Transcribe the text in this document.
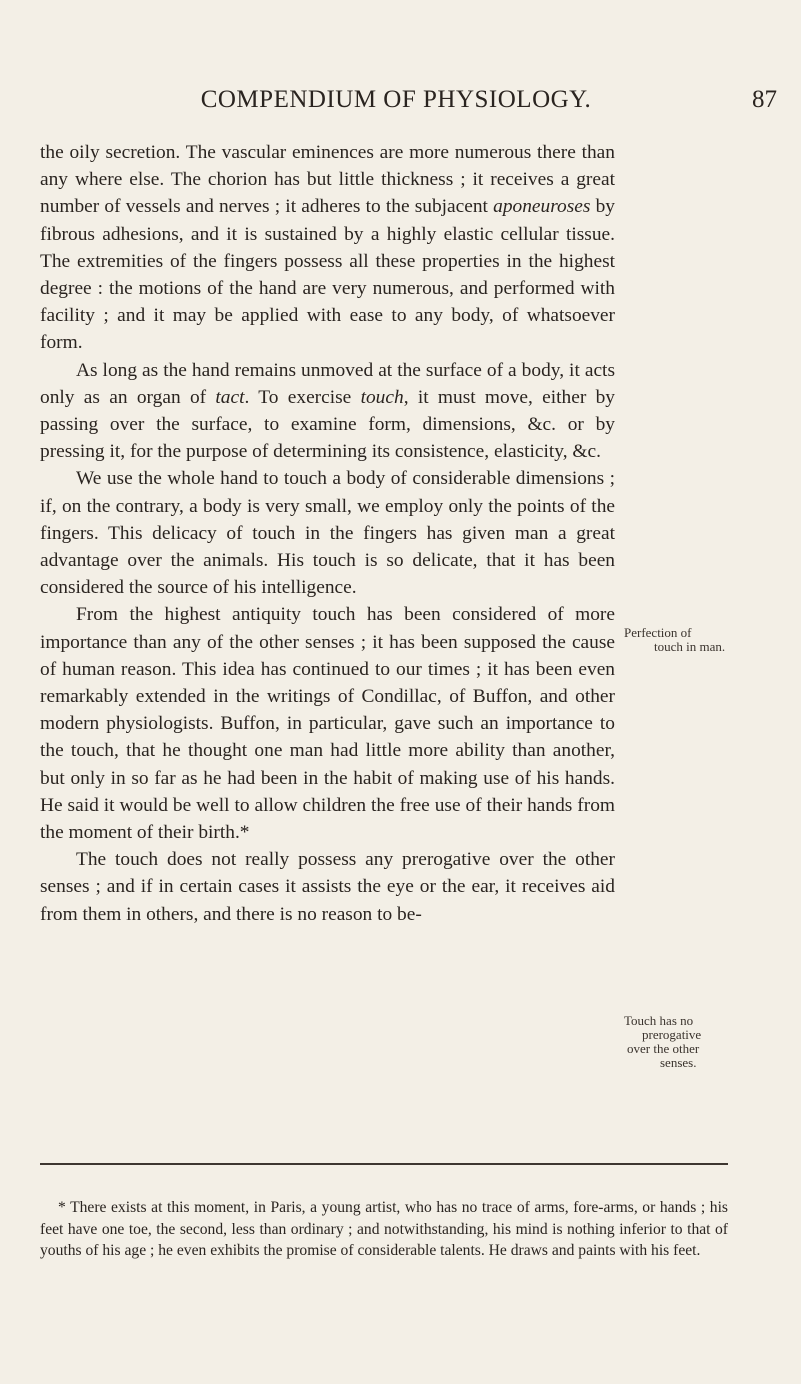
COMPENDIUM OF PHYSIOLOGY.	87

the oily secretion. The vascular eminences are more numerous there than any where else. The chorion has but little thickness ; it receives a great number of vessels and nerves ; it adheres to the subjacent aponeuroses by fibrous adhesions, and it is sustained by a highly elastic cellular tissue. The extremities of the fingers possess all these properties in the highest degree : the motions of the hand are very numerous, and performed with facility ; and it may be applied with ease to any body, of whatsoever form.

As long as the hand remains unmoved at the surface of a body, it acts only as an organ of tact. To exercise touch, it must move, either by passing over the surface, to examine form, dimensions, &c. or by pressing it, for the purpose of determining its consistence, elasticity, &c.

We use the whole hand to touch a body of considerable dimensions ; if, on the contrary, a body is very small, we employ only the points of the fingers. This delicacy of touch in the fingers has given man a great advantage over the animals. His touch is so delicate, that it has been considered the source of his intelligence.

From the highest antiquity touch has been considered of more importance than any of the other senses ; it has been supposed the cause of human reason. This idea has continued to our times ; it has been even remarkably extended in the writings of Condillac, of Buffon, and other modern physiologists. Buffon, in particular, gave such an importance to the touch, that he thought one man had little more ability than another, but only in so far as he had been in the habit of making use of his hands. He said it would be well to allow children the free use of their hands from the moment of their birth.*

The touch does not really possess any prerogative over the other senses ; and if in certain cases it assists the eye or the ear, it receives aid from them in others, and there is no reason to be-

Perfection of
touch in man.
Touch has no
prerogative
over the other
senses.

* There exists at this moment, in Paris, a young artist, who has no trace of arms, fore-arms, or hands ; his feet have one toe, the second, less than ordinary ; and notwithstanding, his mind is nothing inferior to that of youths of his age ; he even exhibits the promise of considerable talents. He draws and paints with his feet.
